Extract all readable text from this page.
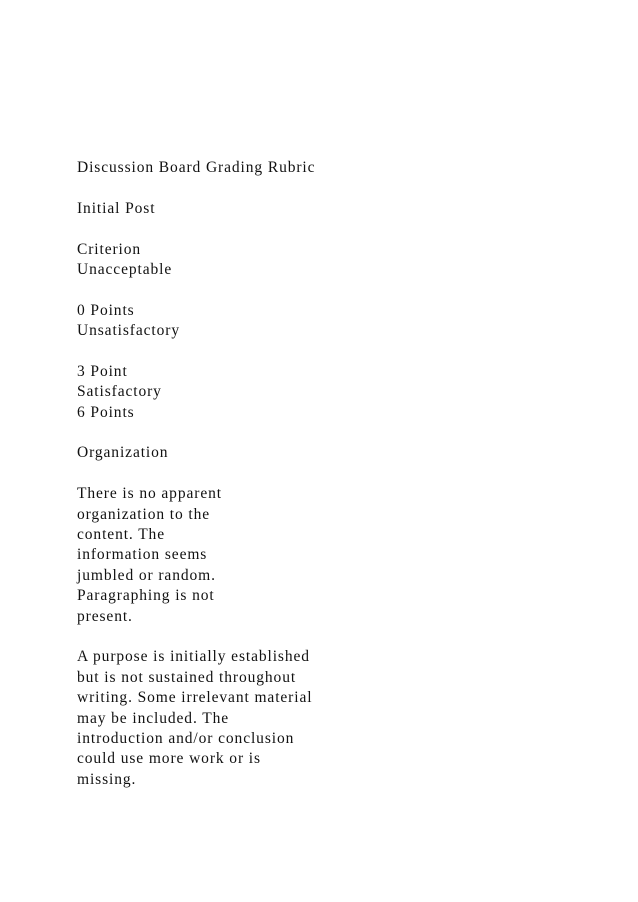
Discussion Board Grading Rubric
Initial Post
Criterion
Unacceptable
0 Points
Unsatisfactory
3 Point
Satisfactory
6 Points
Organization
There is no apparent
organization to the
content. The
information seems
jumbled or random.
Paragraphing is not
present.
A purpose is initially established
but is not sustained throughout
writing. Some irrelevant material
may be included. The
introduction and/or conclusion
could use more work or is
missing.
